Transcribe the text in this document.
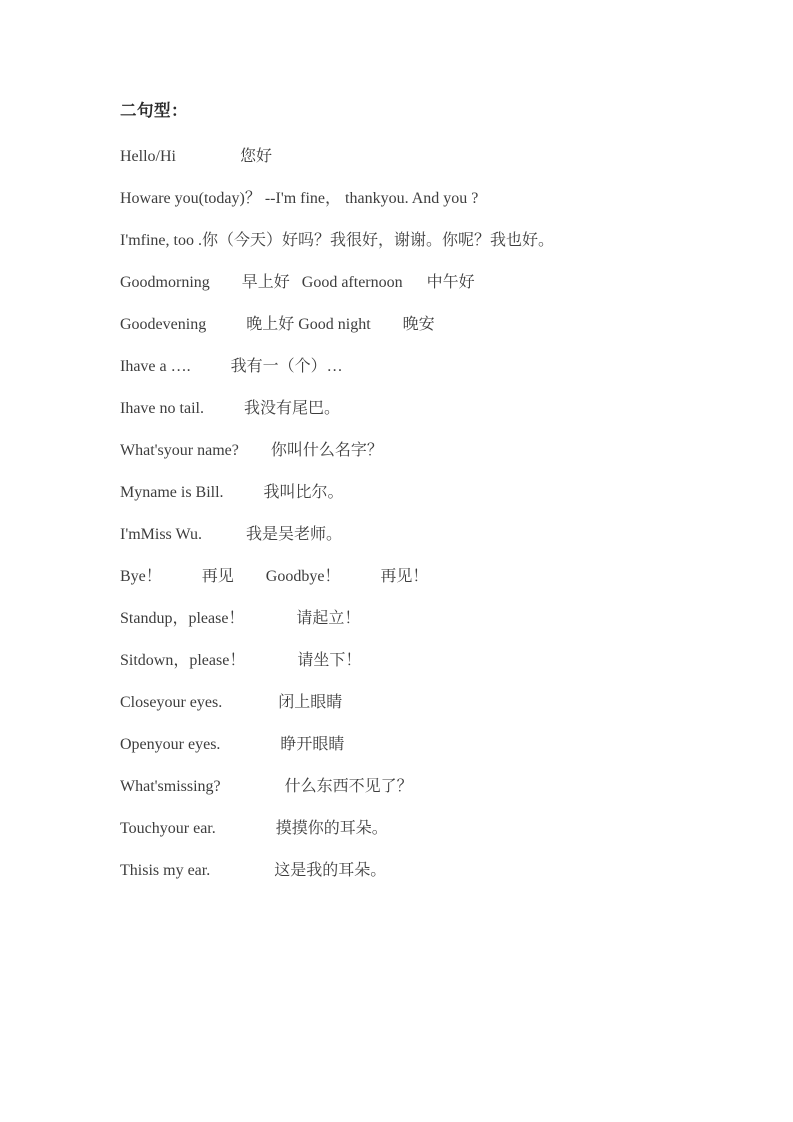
二句型：

Hello/Hi                您好

Howare you(today)？ --I'm fine， thankyou. And you ?

I'mfine, too .你（今天）好吗？我很好，谢谢。你呢？我也好。

Goodmorning        早上好   Good afternoon      中午好

Goodevening          晚上好 Good night        晚安

Ihave a ….          我有一（个）…

Ihave no tail.          我没有尾巴。

What'syour name?        你叫什么名字？

Myname is Bill.          我叫比尔。

I'mMiss Wu.           我是吴老师。

Bye！          再见        Goodbye！          再见！

Standup，please！             请起立！

Sitdown，please！             请坐下！

Closeyour eyes.              闭上眼睛

Openyour eyes.               睁开眼睛

What'smissing?                什么东西不见了？

Touchyour ear.               摸摸你的耳朵。

Thisis my ear.                这是我的耳朵。
